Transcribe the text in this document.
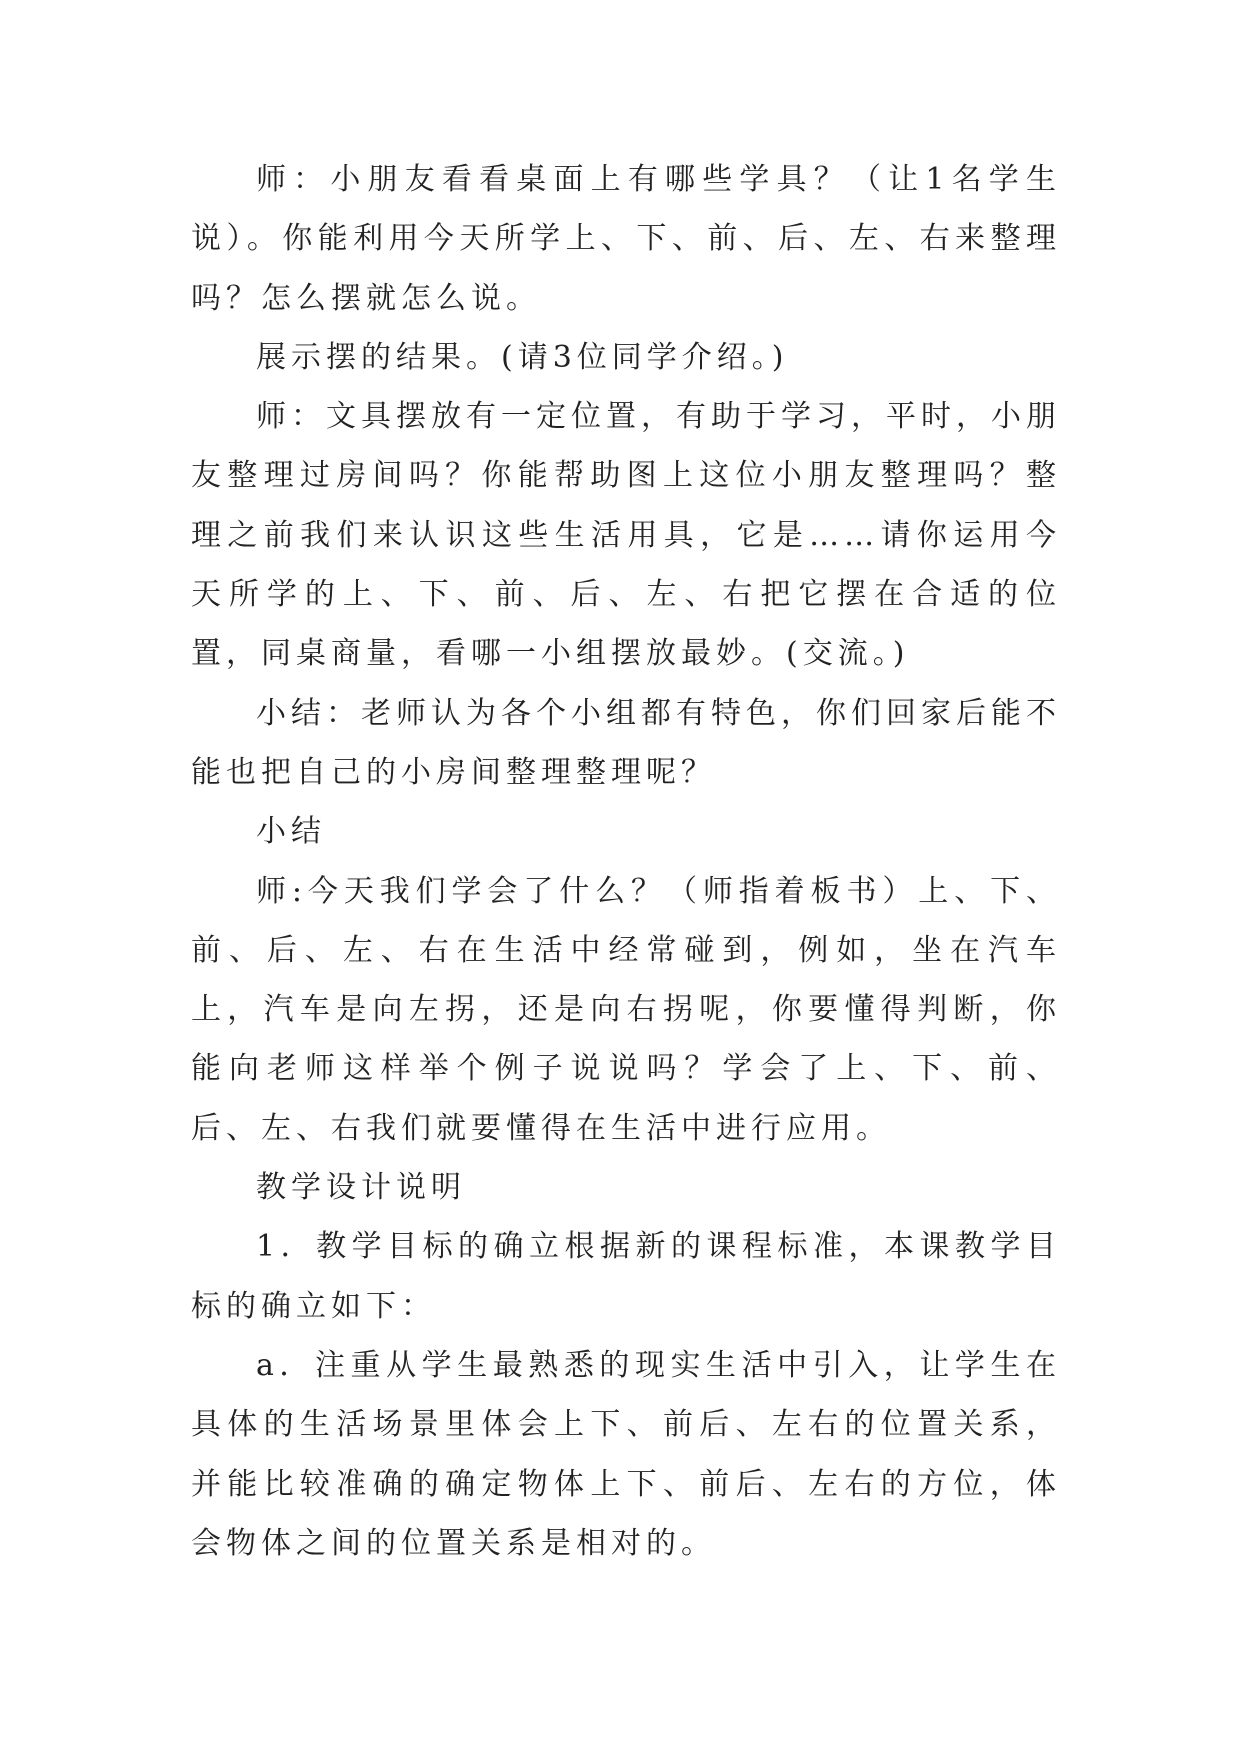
师：小朋友看看桌面上有哪些学具？（让1名学生说）。你能利用今天所学上、下、前、后、左、右来整理吗？怎么摆就怎么说。

展示摆的结果。(请3位同学介绍。)

师：文具摆放有一定位置，有助于学习，平时，小朋友整理过房间吗？你能帮助图上这位小朋友整理吗？整理之前我们来认识这些生活用具，它是……请你运用今天所学的上、下、前、后、左、右把它摆在合适的位置，同桌商量，看哪一小组摆放最妙。(交流。)

小结：老师认为各个小组都有特色，你们回家后能不能也把自己的小房间整理整理呢？

小结

师:今天我们学会了什么？（师指着板书）上、下、前、后、左、右在生活中经常碰到，例如，坐在汽车上，汽车是向左拐，还是向右拐呢，你要懂得判断，你能向老师这样举个例子说说吗？学会了上、下、前、后、左、右我们就要懂得在生活中进行应用。

教学设计说明

1．教学目标的确立根据新的课程标准，本课教学目标的确立如下：

a．注重从学生最熟悉的现实生活中引入，让学生在具体的生活场景里体会上下、前后、左右的位置关系，并能比较准确的确定物体上下、前后、左右的方位，体会物体之间的位置关系是相对的。
